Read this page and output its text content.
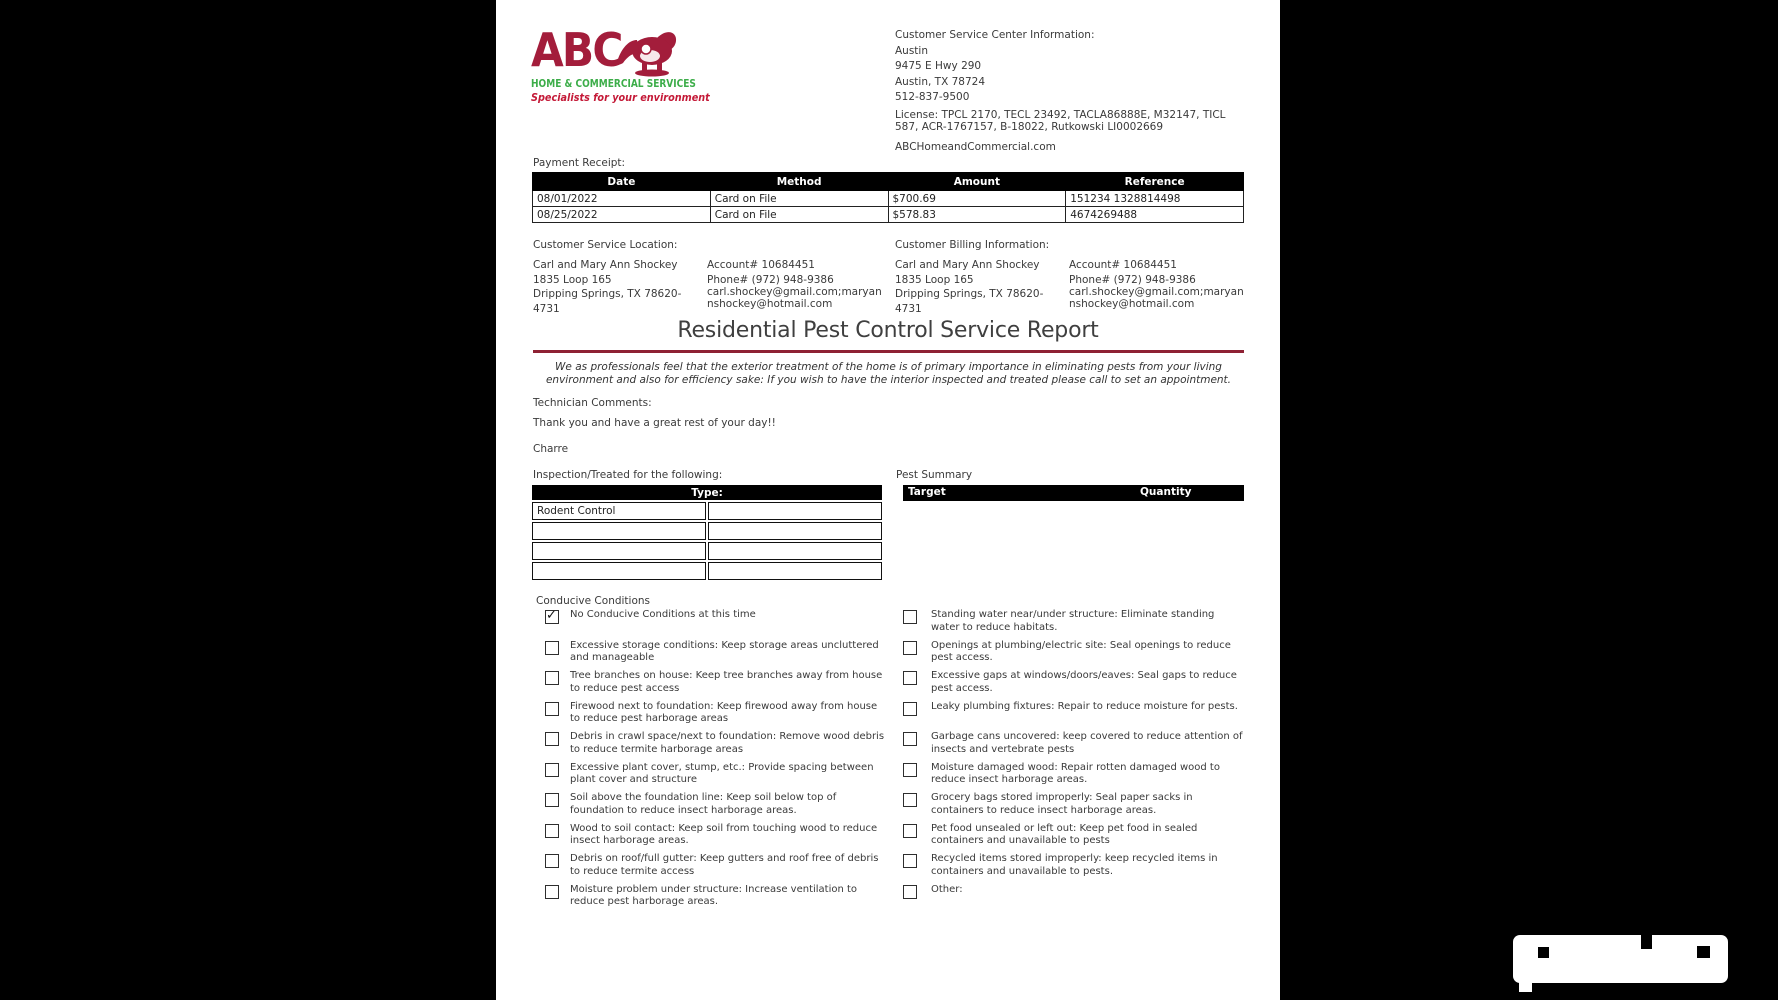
ABC
HOME & COMMERCIAL SERVICES
Specialists for your environment
Customer Service Center Information:
Austin
9475 E Hwy 290
Austin, TX 78724
512-837-9500
License: TPCL 2170, TECL 23492, TACLA86888E, M32147, TICL 587, ACR-1767157, B-18022, Rutkowski LI0002669
ABCHomeandCommercial.com
Payment Receipt:
Date	Method	Amount	Reference
08/01/2022	Card on File	$700.69	151234 1328814498
08/25/2022	Card on File	$578.83	4674269488
Customer Service Location:
Carl and Mary Ann Shockey
1835 Loop 165
Dripping Springs, TX 78620-4731
Account# 10684451
Phone# (972) 948-9386
carl.shockey@gmail.com;maryannshockey@hotmail.com
Customer Billing Information:
Carl and Mary Ann Shockey
1835 Loop 165
Dripping Springs, TX 78620-4731
Account# 10684451
Phone# (972) 948-9386
carl.shockey@gmail.com;maryannshockey@hotmail.com
Residential Pest Control Service Report
We as professionals feel that the exterior treatment of the home is of primary importance in eliminating pests from your living environment and also for efficiency sake: If you wish to have the interior inspected and treated please call to set an appointment.
Technician Comments:
Thank you and have a great rest of your day!!
Charre
Inspection/Treated for the following:
Type:	
Rodent Control	

Pest Summary
Target	Quantity
Conducive Conditions
✓
No Conducive Conditions at this time
Excessive storage conditions: Keep storage areas uncluttered and manageable
Tree branches on house: Keep tree branches away from house to reduce pest access
Firewood next to foundation: Keep firewood away from house to reduce pest harborage areas
Debris in crawl space/next to foundation: Remove wood debris to reduce termite harborage areas
Excessive plant cover, stump, etc.: Provide spacing between plant cover and structure
Soil above the foundation line: Keep soil below top of foundation to reduce insect harborage areas.
Wood to soil contact: Keep soil from touching wood to reduce insect harborage areas.
Debris on roof/full gutter: Keep gutters and roof free of debris to reduce termite access
Moisture problem under structure: Increase ventilation to reduce pest harborage areas.
Standing water near/under structure: Eliminate standing water to reduce habitats.
Openings at plumbing/electric site: Seal openings to reduce pest access.
Excessive gaps at windows/doors/eaves: Seal gaps to reduce pest access.
Leaky plumbing fixtures: Repair to reduce moisture for pests.
Garbage cans uncovered: keep covered to reduce attention of insects and vertebrate pests
Moisture damaged wood: Repair rotten damaged wood to reduce insect harborage areas.
Grocery bags stored improperly: Seal paper sacks in containers to reduce insect harborage areas.
Pet food unsealed or left out: Keep pet food in sealed containers and unavailable to pests
Recycled items stored improperly: keep recycled items in containers and unavailable to pests.
Other:
